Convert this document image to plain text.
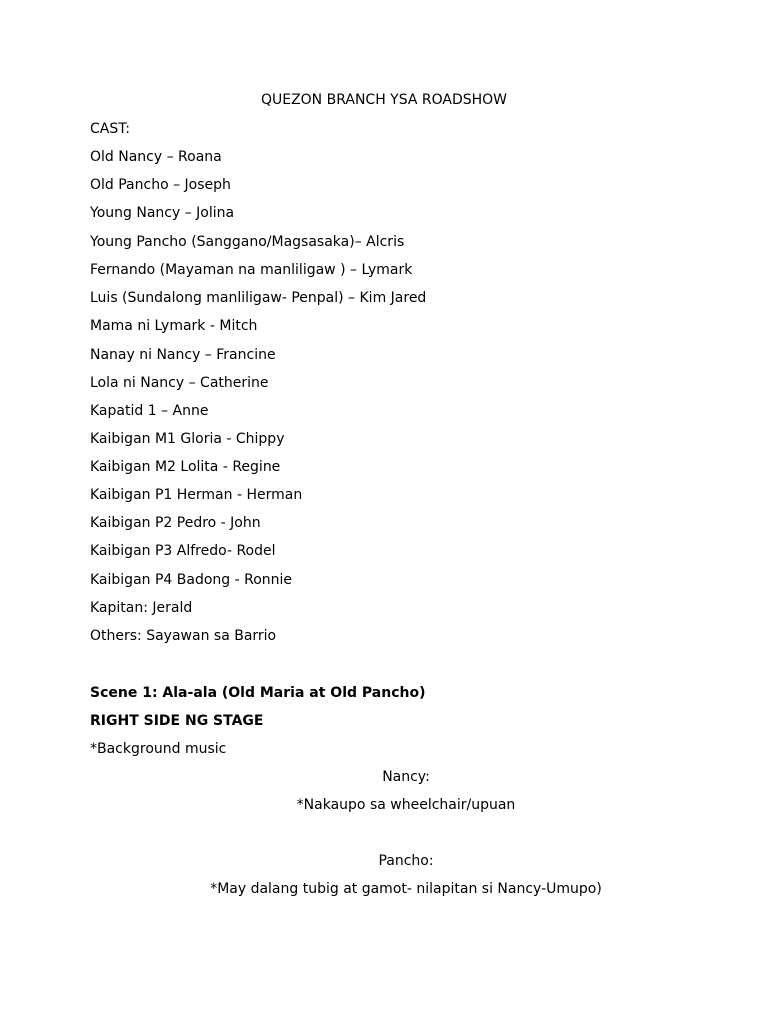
QUEZON BRANCH YSA ROADSHOW
CAST:
Old Nancy – Roana
Old Pancho – Joseph
Young Nancy – Jolina
Young Pancho (Sanggano/Magsasaka)– Alcris
Fernando (Mayaman na manliligaw ) – Lymark
Luis (Sundalong manliligaw- Penpal) – Kim Jared
Mama ni Lymark - Mitch
Nanay ni Nancy – Francine
Lola ni Nancy – Catherine
Kapatid 1 – Anne
Kaibigan M1 Gloria - Chippy
Kaibigan M2 Lolita - Regine
Kaibigan P1 Herman - Herman
Kaibigan P2 Pedro - John
Kaibigan P3 Alfredo- Rodel
Kaibigan P4 Badong - Ronnie
Kapitan: Jerald
Others: Sayawan sa Barrio
Scene 1: Ala-ala (Old Maria at Old Pancho)
RIGHT SIDE NG STAGE
*Background music
Nancy:
*Nakaupo sa wheelchair/upuan
Pancho:
*May dalang tubig at gamot- nilapitan si Nancy-Umupo)
